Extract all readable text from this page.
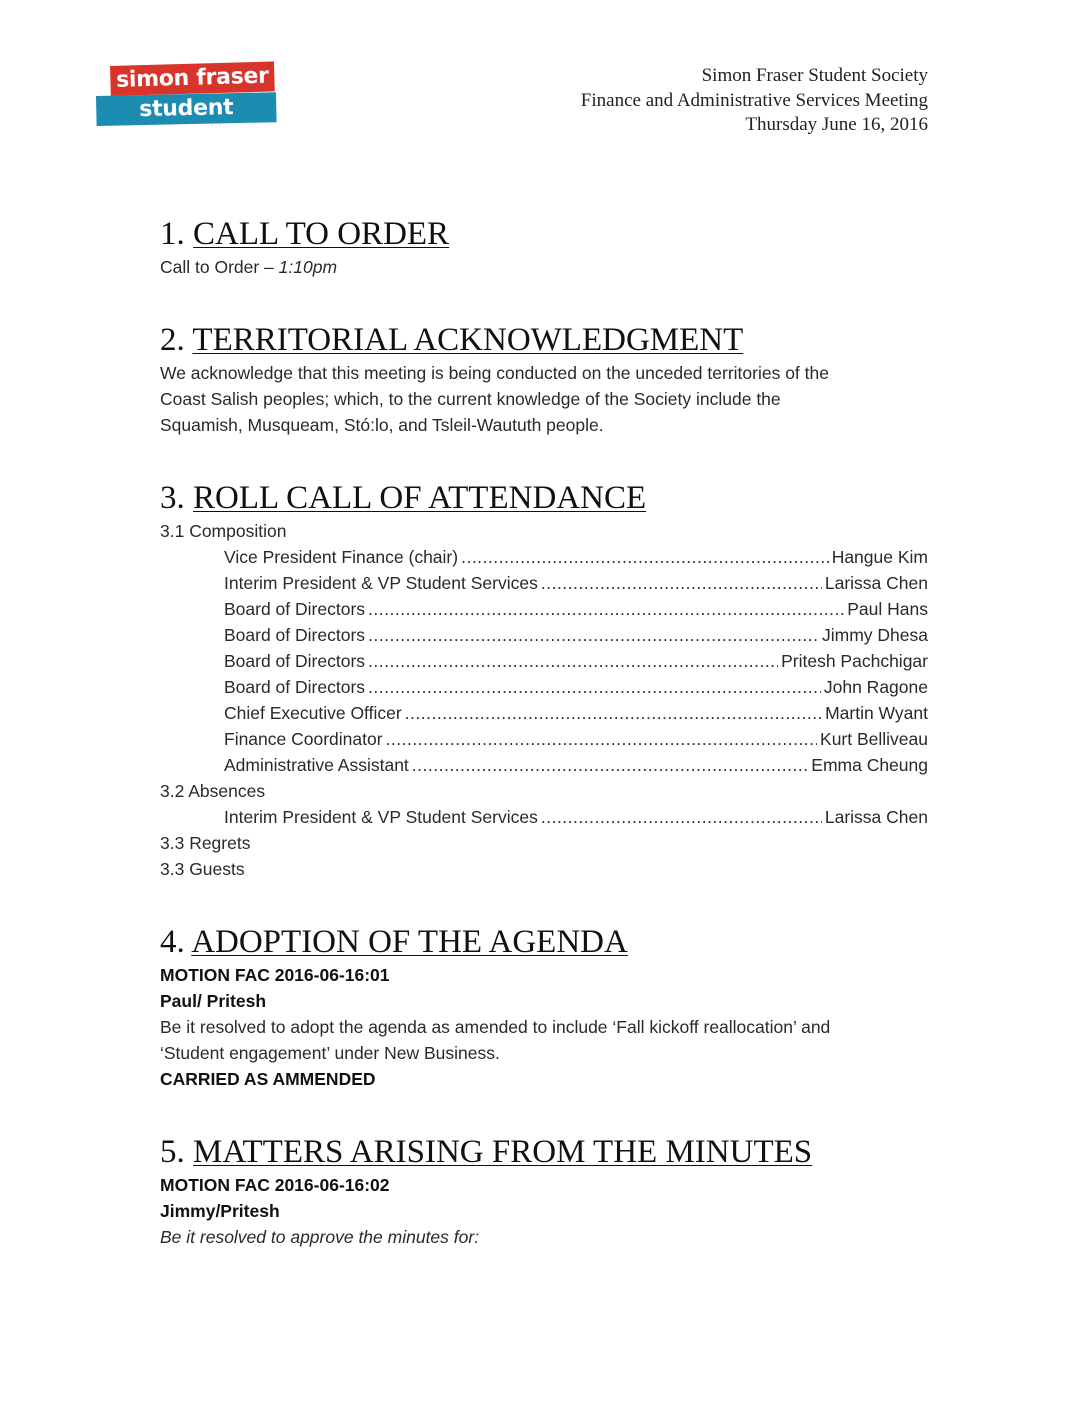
simon fraser
student society
Simon Fraser Student Society
Finance and Administrative Services Meeting
Thursday June 16, 2016
1. CALL TO ORDER

Call to Order – 1:10pm

2. TERRITORIAL ACKNOWLEDGMENT

We acknowledge that this meeting is being conducted on the unceded territories of the

Coast Salish peoples; which, to the current knowledge of the Society include the

Squamish, Musqueam, Stó:lo, and Tsleil-Waututh people.

3. ROLL CALL OF ATTENDANCE

3.1 Composition

Vice President Finance (chair) .....	Hangue Kim
Interim President & VP Student Services .....	Larissa Chen
Board of Directors .....	Paul Hans
Board of Directors .....	Jimmy Dhesa
Board of Directors .....	Pritesh Pachchigar
Board of Directors .....	John Ragone
Chief Executive Officer .....	Martin Wyant
Finance Coordinator .....	Kurt Belliveau
Administrative Assistant .....	Emma Cheung

3.2 Absences

Interim President & VP Student Services .....	Larissa Chen

3.3 Regrets

3.3 Guests

4. ADOPTION OF THE AGENDA

MOTION FAC 2016-06-16:01

Paul/ Pritesh

Be it resolved to adopt the agenda as amended to include ‘Fall kickoff reallocation’ and

‘Student engagement’ under New Business.

CARRIED AS AMMENDED

5. MATTERS ARISING FROM THE MINUTES

MOTION FAC 2016-06-16:02

Jimmy/Pritesh

Be it resolved to approve the minutes for:
